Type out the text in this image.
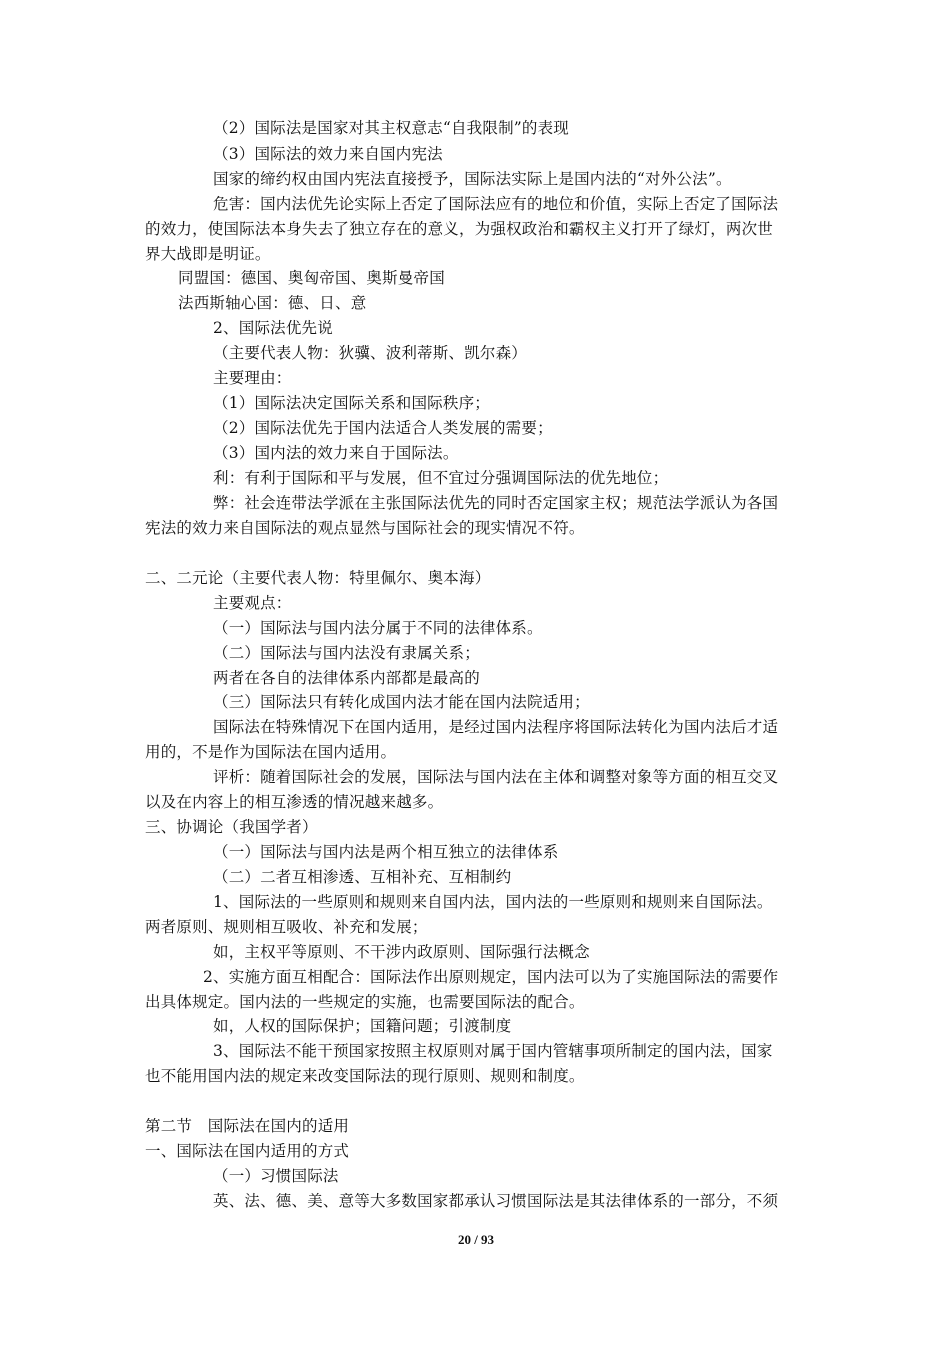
（2）国际法是国家对其主权意志“自我限制”的表现
（3）国际法的效力来自国内宪法
国家的缔约权由国内宪法直接授予，国际法实际上是国内法的“对外公法”。
危害：国内法优先论实际上否定了国际法应有的地位和价值，实际上否定了国际法
的效力，使国际法本身失去了独立存在的意义，为强权政治和霸权主义打开了绿灯，两次世
界大战即是明证。
同盟国：德国、奥匈帝国、奥斯曼帝国
法西斯轴心国：德、日、意
2、国际法优先说
（主要代表人物：狄骥、波利蒂斯、凯尔森）
主要理由：
（1）国际法决定国际关系和国际秩序；
（2）国际法优先于国内法适合人类发展的需要；
（3）国内法的效力来自于国际法。
利：有利于国际和平与发展，但不宜过分强调国际法的优先地位；
弊：社会连带法学派在主张国际法优先的同时否定国家主权；规范法学派认为各国
宪法的效力来自国际法的观点显然与国际社会的现实情况不符。
二、二元论（主要代表人物：特里佩尔、奥本海）
主要观点：
（一）国际法与国内法分属于不同的法律体系。
（二）国际法与国内法没有隶属关系；
两者在各自的法律体系内部都是最高的
（三）国际法只有转化成国内法才能在国内法院适用；
国际法在特殊情况下在国内适用，是经过国内法程序将国际法转化为国内法后才适
用的，不是作为国际法在国内适用。
评析：随着国际社会的发展，国际法与国内法在主体和调整对象等方面的相互交叉
以及在内容上的相互渗透的情况越来越多。
三、协调论（我国学者）
（一）国际法与国内法是两个相互独立的法律体系
（二）二者互相渗透、互相补充、互相制约
1、国际法的一些原则和规则来自国内法，国内法的一些原则和规则来自国际法。
两者原则、规则相互吸收、补充和发展；
如，主权平等原则、不干涉内政原则、国际强行法概念
2、实施方面互相配合：国际法作出原则规定，国内法可以为了实施国际法的需要作
出具体规定。国内法的一些规定的实施，也需要国际法的配合。
如，人权的国际保护；国籍问题；引渡制度
3、国际法不能干预国家按照主权原则对属于国内管辖事项所制定的国内法，国家
也不能用国内法的规定来改变国际法的现行原则、规则和制度。
第二节　国际法在国内的适用
一、国际法在国内适用的方式
（一）习惯国际法
英、法、德、美、意等大多数国家都承认习惯国际法是其法律体系的一部分，不须
20 / 93
